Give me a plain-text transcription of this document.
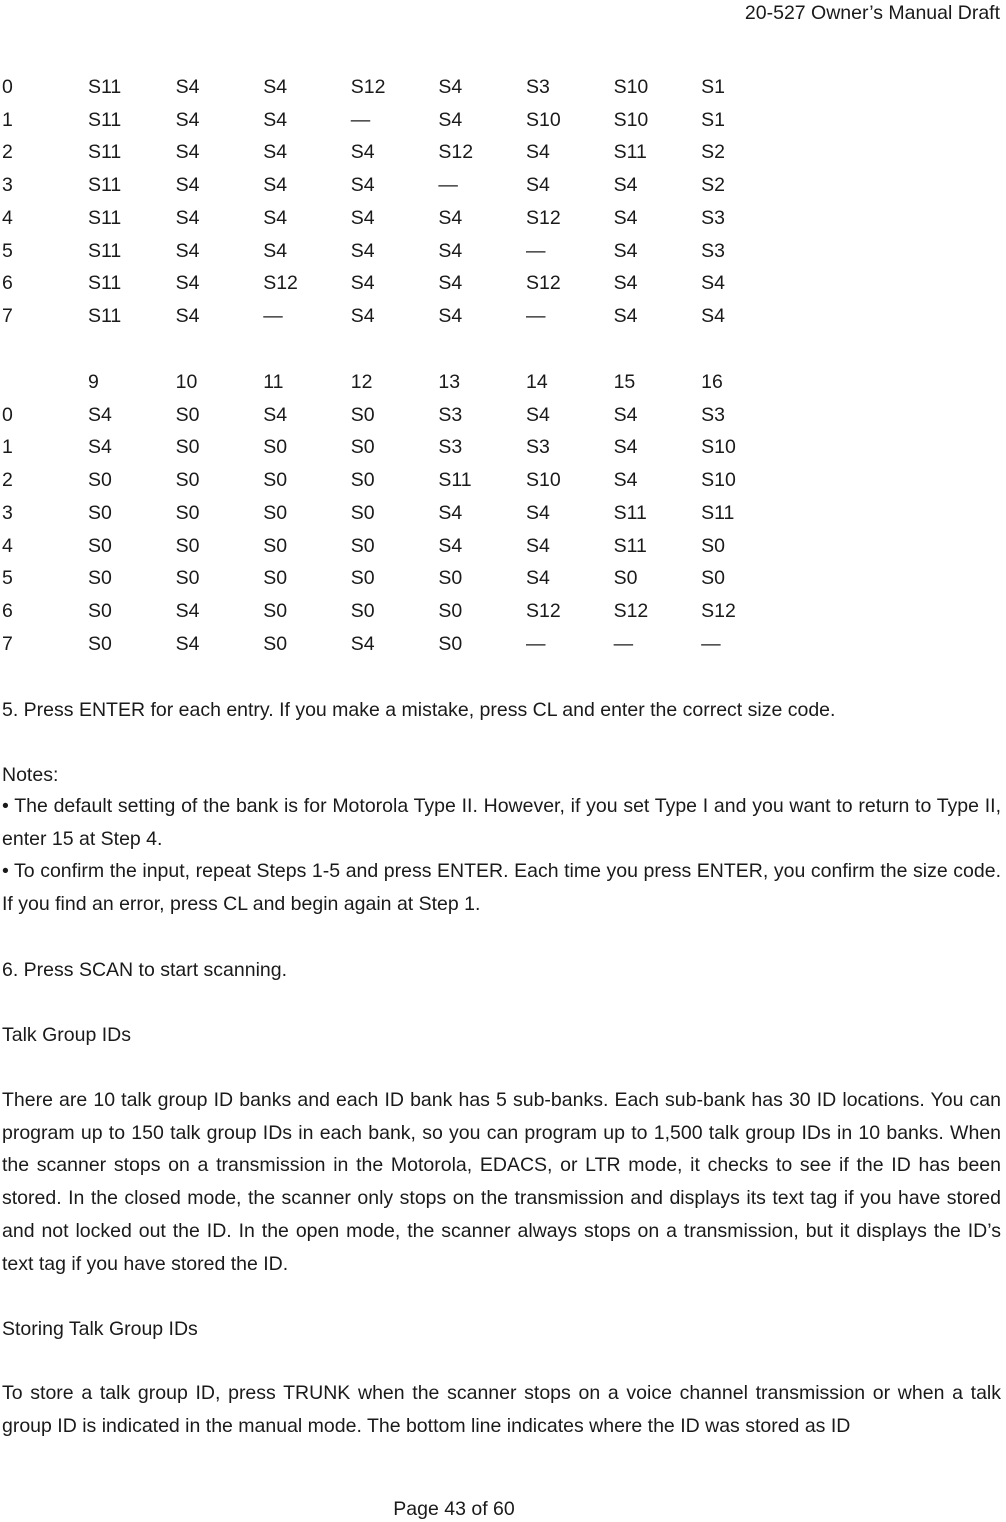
20-527 Owner’s Manual Draft
0	S11	S4	S4	S12	S4	S3	S10	S1
1	S11	S4	S4	—	S4	S10	S10	S1
2	S11	S4	S4	S4	S12	S4	S11	S2
3	S11	S4	S4	S4	—	S4	S4	S2
4	S11	S4	S4	S4	S4	S12	S4	S3
5	S11	S4	S4	S4	S4	—	S4	S3
6	S11	S4	S12	S4	S4	S12	S4	S4
7	S11	S4	—	S4	S4	—	S4	S4
	9	10	11	12	13	14	15	16
0	S4	S0	S4	S0	S3	S4	S4	S3
1	S4	S0	S0	S0	S3	S3	S4	S10
2	S0	S0	S0	S0	S11	S10	S4	S10
3	S0	S0	S0	S0	S4	S4	S11	S11
4	S0	S0	S0	S0	S4	S4	S11	S0
5	S0	S0	S0	S0	S0	S4	S0	S0
6	S0	S4	S0	S0	S0	S12	S12	S12
7	S0	S4	S0	S4	S0	—	—	—
5. Press ENTER for each entry. If you make a mistake, press CL and enter the correct size code.
Notes:
• The default setting of the bank is for Motorola Type II. However, if you set Type I and you want to return to Type II, enter 15 at Step 4.
• To confirm the input, repeat Steps 1-5 and press ENTER. Each time you press ENTER, you confirm the size code. If you find an error, press CL and begin again at Step 1.
6. Press SCAN to start scanning.
Talk Group IDs
There are 10 talk group ID banks and each ID bank has 5 sub-banks. Each sub-bank has 30 ID locations. You can program up to 150 talk group IDs in each bank, so you can program up to 1,500 talk group IDs in 10 banks. When the scanner stops on a transmission in the Motorola, EDACS, or LTR mode, it checks to see if the ID has been stored. In the closed mode, the scanner only stops on the transmission and displays its text tag if you have stored and not locked out the ID. In the open mode, the scanner always stops on a transmission, but it displays the ID’s text tag if you have stored the ID.
Storing Talk Group IDs
To store a talk group ID, press TRUNK when the scanner stops on a voice channel transmission or when a talk group ID is indicated in the manual mode. The bottom line indicates where the ID was stored as ID
Page 43 of 60
